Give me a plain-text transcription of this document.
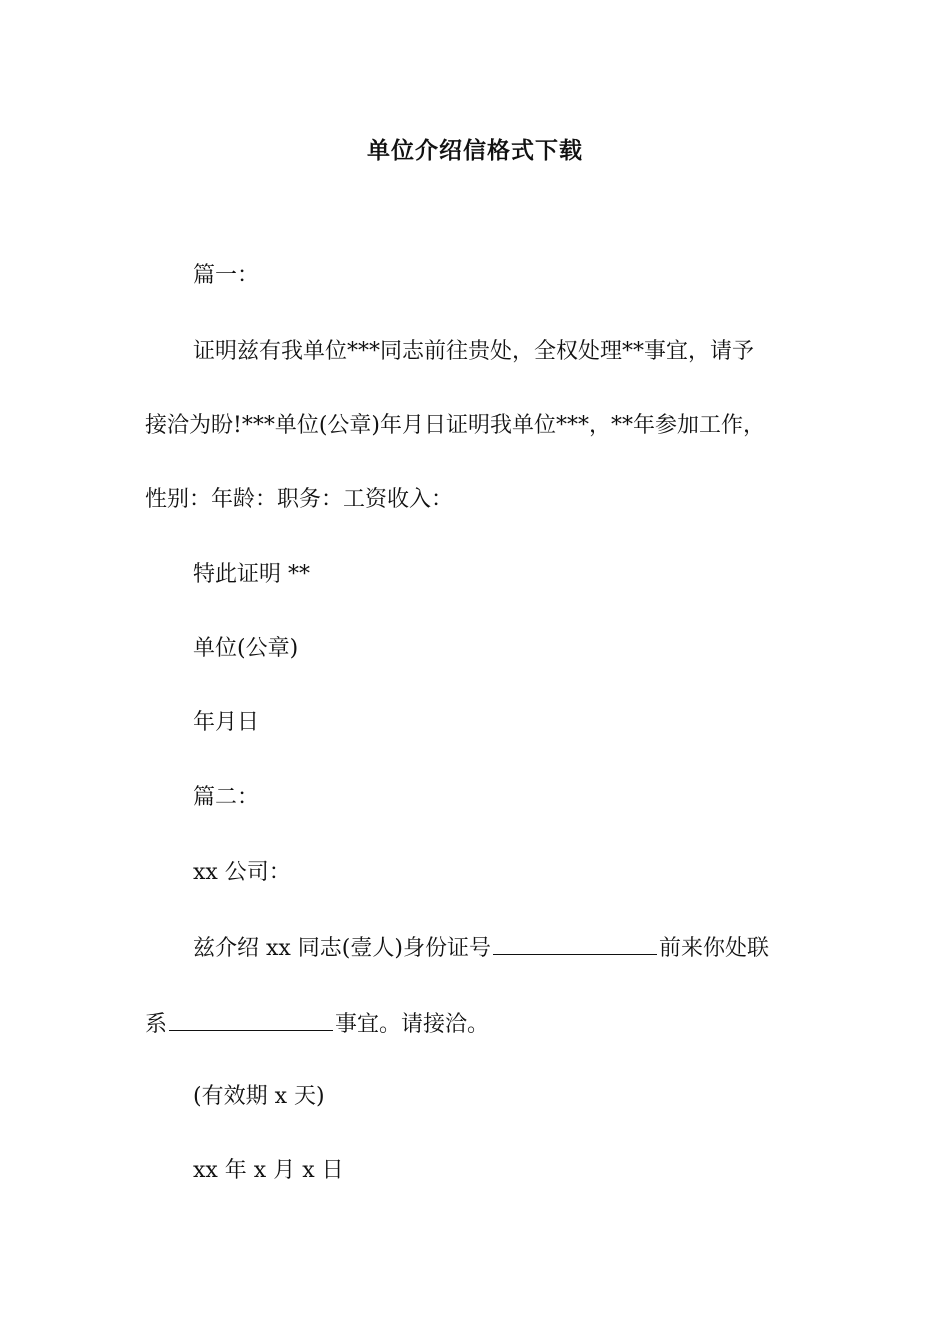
单位介绍信格式下载
篇一：
证明兹有我单位***同志前往贵处，全权处理**事宜，请予
接洽为盼!***单位(公章)年月日证明我单位***，**年参加工作，
性别：年龄：职务：工资收入：
特此证明 **
单位(公章)
年月日
篇二：
xx 公司：
兹介绍 xx 同志(壹人)身份证号	前来你处联
系	事宜。请接洽。
(有效期 x 天)
xx 年 x 月 x 日
